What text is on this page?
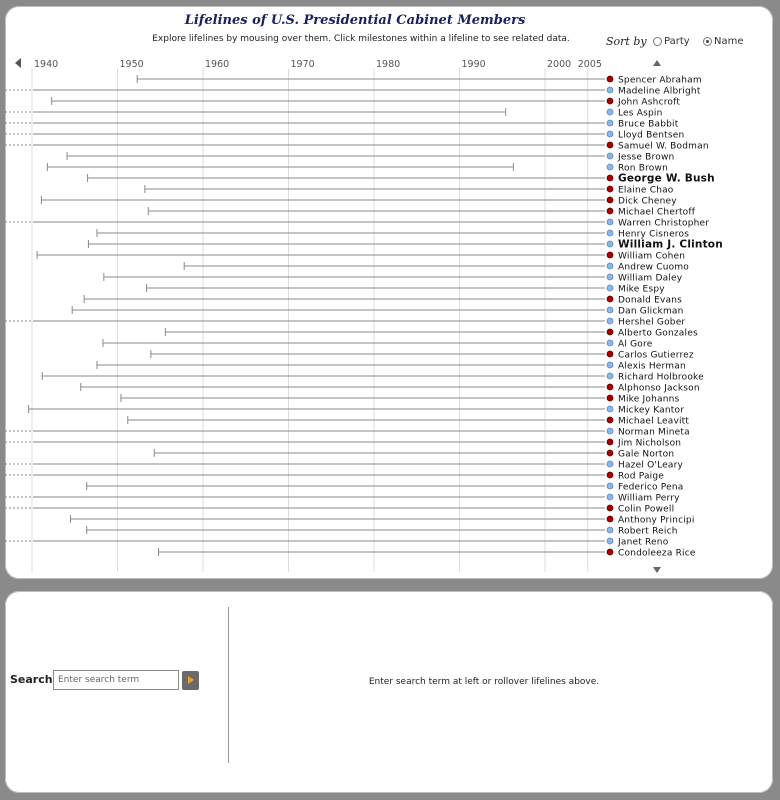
Lifelines of U.S. Presidential Cabinet Members
Explore lifelines by mousing over them. Click milestones within a lifeline to see related data.	Sort by Party Name
1940	1950	1960	1970	1980	1990	2000 2005
Spencer Abraham
Madeline Albright
John Ashcroft
Les Aspin
Bruce Babbit
Lloyd Bentsen
Samuel W. Bodman
Jesse Brown
Ron Brown
George W. Bush
Elaine Chao
Dick Cheney
Michael Chertoff
Warren Christopher
Henry Cisneros
William J. Clinton
William Cohen
Andrew Cuomo
William Daley
Mike Espy
Donald Evans
Dan Glickman
Hershel Gober
Alberto Gonzales
Al Gore
Carlos Gutierrez
Alexis Herman
Richard Holbrooke
Alphonso Jackson
Mike Johanns
Mickey Kantor
Michael Leavitt
Norman Mineta
Jim Nicholson
Gale Norton
Hazel O'Leary
Rod Paige
Federico Pena
William Perry
Colin Powell
Anthony Principi
Robert Reich
Janet Reno
Condoleeza Rice
Search
Enter search term	Enter search term at left or rollover lifelines above.
